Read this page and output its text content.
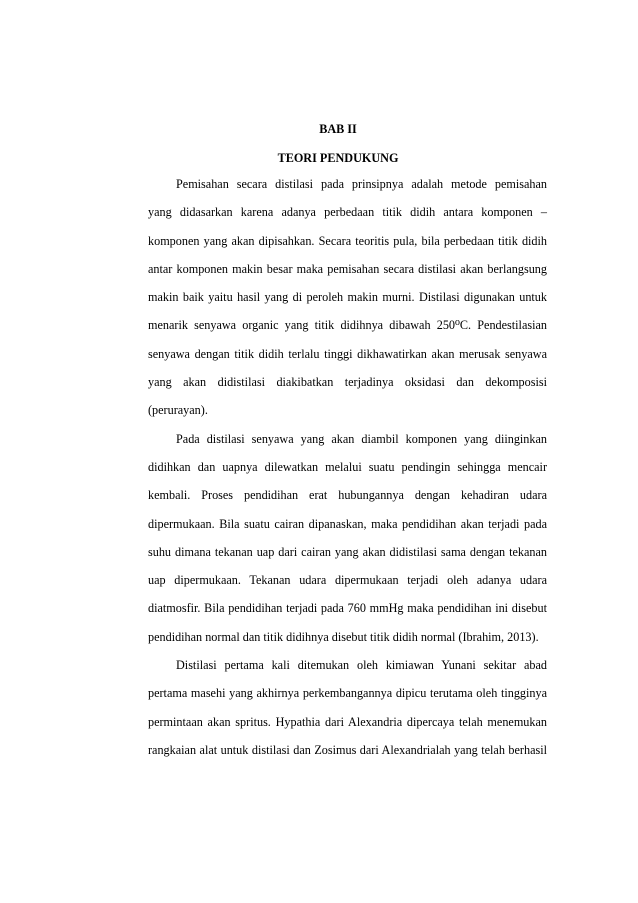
BAB II
TEORI PENDUKUNG
Pemisahan secara distilasi pada prinsipnya adalah metode pemisahan
yang didasarkan karena adanya perbedaan titik didih antara komponen –
komponen yang akan dipisahkan. Secara teoritis pula, bila perbedaan titik didih
antar komponen makin besar maka pemisahan secara distilasi akan berlangsung
makin baik yaitu hasil yang di peroleh makin murni. Distilasi digunakan untuk
menarik senyawa organic yang titik didihnya dibawah 250⁰C. Pendestilasian
senyawa dengan titik didih terlalu tinggi dikhawatirkan akan merusak senyawa
yang akan didistilasi diakibatkan terjadinya oksidasi dan dekomposisi
(perurayan).
Pada distilasi senyawa yang akan diambil komponen yang diinginkan
didihkan dan uapnya dilewatkan melalui suatu pendingin sehingga mencair
kembali. Proses pendidihan erat hubungannya dengan kehadiran udara
dipermukaan. Bila suatu cairan dipanaskan, maka pendidihan akan terjadi pada
suhu dimana tekanan uap dari cairan yang akan didistilasi sama dengan tekanan
uap dipermukaan. Tekanan udara dipermukaan terjadi oleh adanya udara
diatmosfir. Bila pendidihan terjadi pada 760 mmHg maka pendidihan ini disebut
pendidihan normal dan titik didihnya disebut titik didih normal (Ibrahim, 2013).
Distilasi pertama kali ditemukan oleh kimiawan Yunani sekitar abad
pertama masehi yang akhirnya perkembangannya dipicu terutama oleh tingginya
permintaan akan spritus. Hypathia dari Alexandria dipercaya telah menemukan
rangkaian alat untuk distilasi dan Zosimus dari Alexandrialah yang telah berhasil
